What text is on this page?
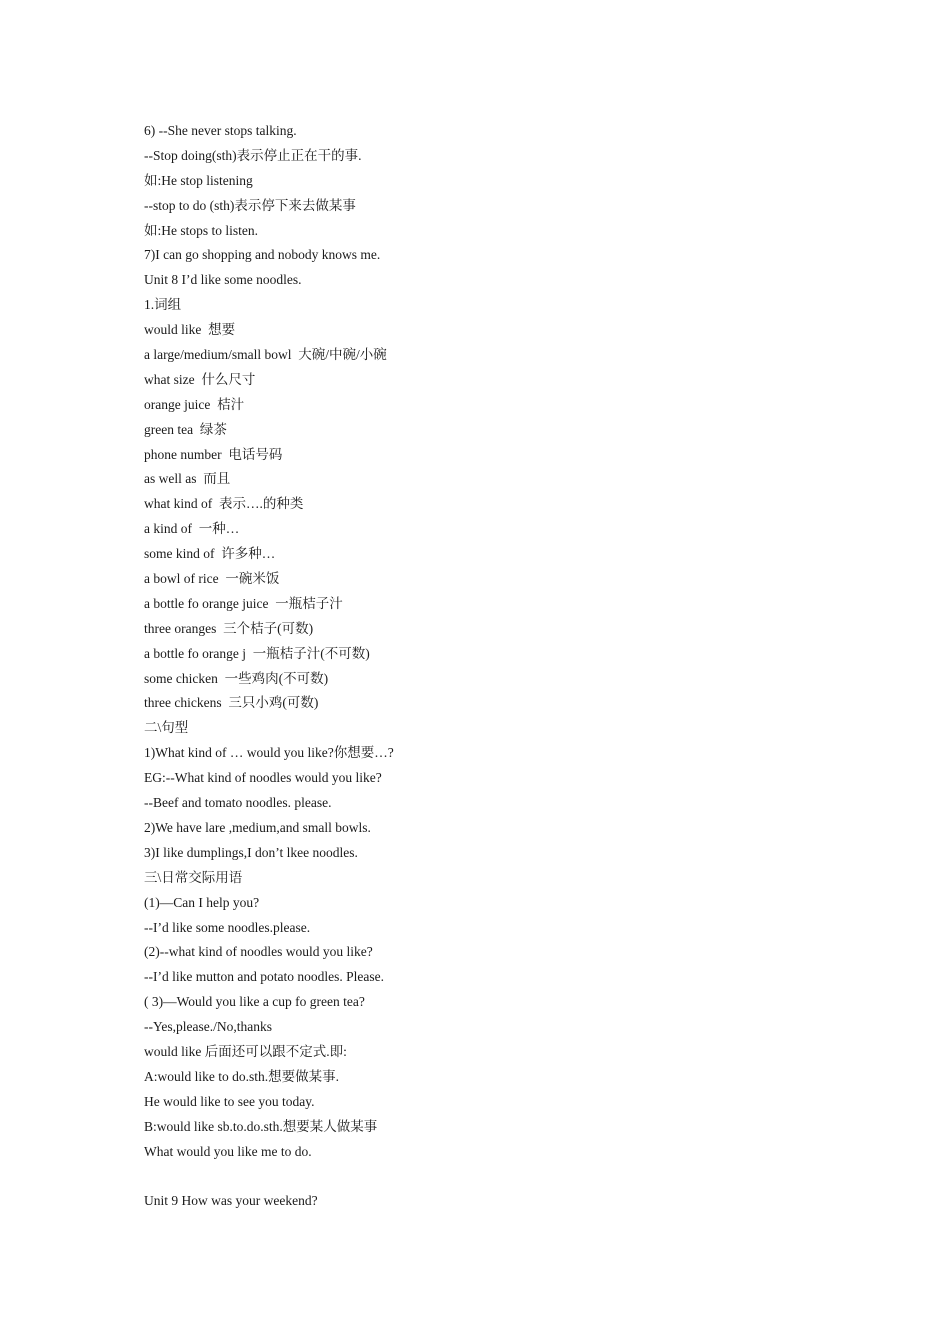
6) --She never stops talking.

--Stop doing(sth)表示停止正在干的事.

如:He stop listening

--stop to do (sth)表示停下来去做某事

如:He stops to listen.

7)I can go shopping and nobody knows me.

Unit 8 I’d like some noodles.

1.词组

would like  想要

a large/medium/small bowl  大碗/中碗/小碗

what size  什么尺寸

orange juice  桔汁

green tea  绿茶

phone number  电话号码

as well as  而且

what kind of  表示….的种类

a kind of  一种…

some kind of  许多种…

a bowl of rice  一碗米饭

a bottle fo orange juice  一瓶桔子汁

three oranges  三个桔子(可数)

a bottle fo orange j  一瓶桔子汁(不可数)

some chicken  一些鸡肉(不可数)

three chickens  三只小鸡(可数)

二\句型

1)What kind of … would you like?你想要…?

EG:--What kind of noodles would you like?

--Beef and tomato noodles. please.

2)We have lare ,medium,and small bowls.

3)I like dumplings,I don’t lkee noodles.

三\日常交际用语

(1)—Can I help you?

--I’d like some noodles.please.

(2)--what kind of noodles would you like?

--I’d like mutton and potato noodles. Please.

( 3)—Would you like a cup fo green tea?

--Yes,please./No,thanks

would like 后面还可以跟不定式.即:

A:would like to do.sth.想要做某事.

He would like to see you today.

B:would like sb.to.do.sth.想要某人做某事

What would you like me to do.

Unit 9 How was your weekend?
